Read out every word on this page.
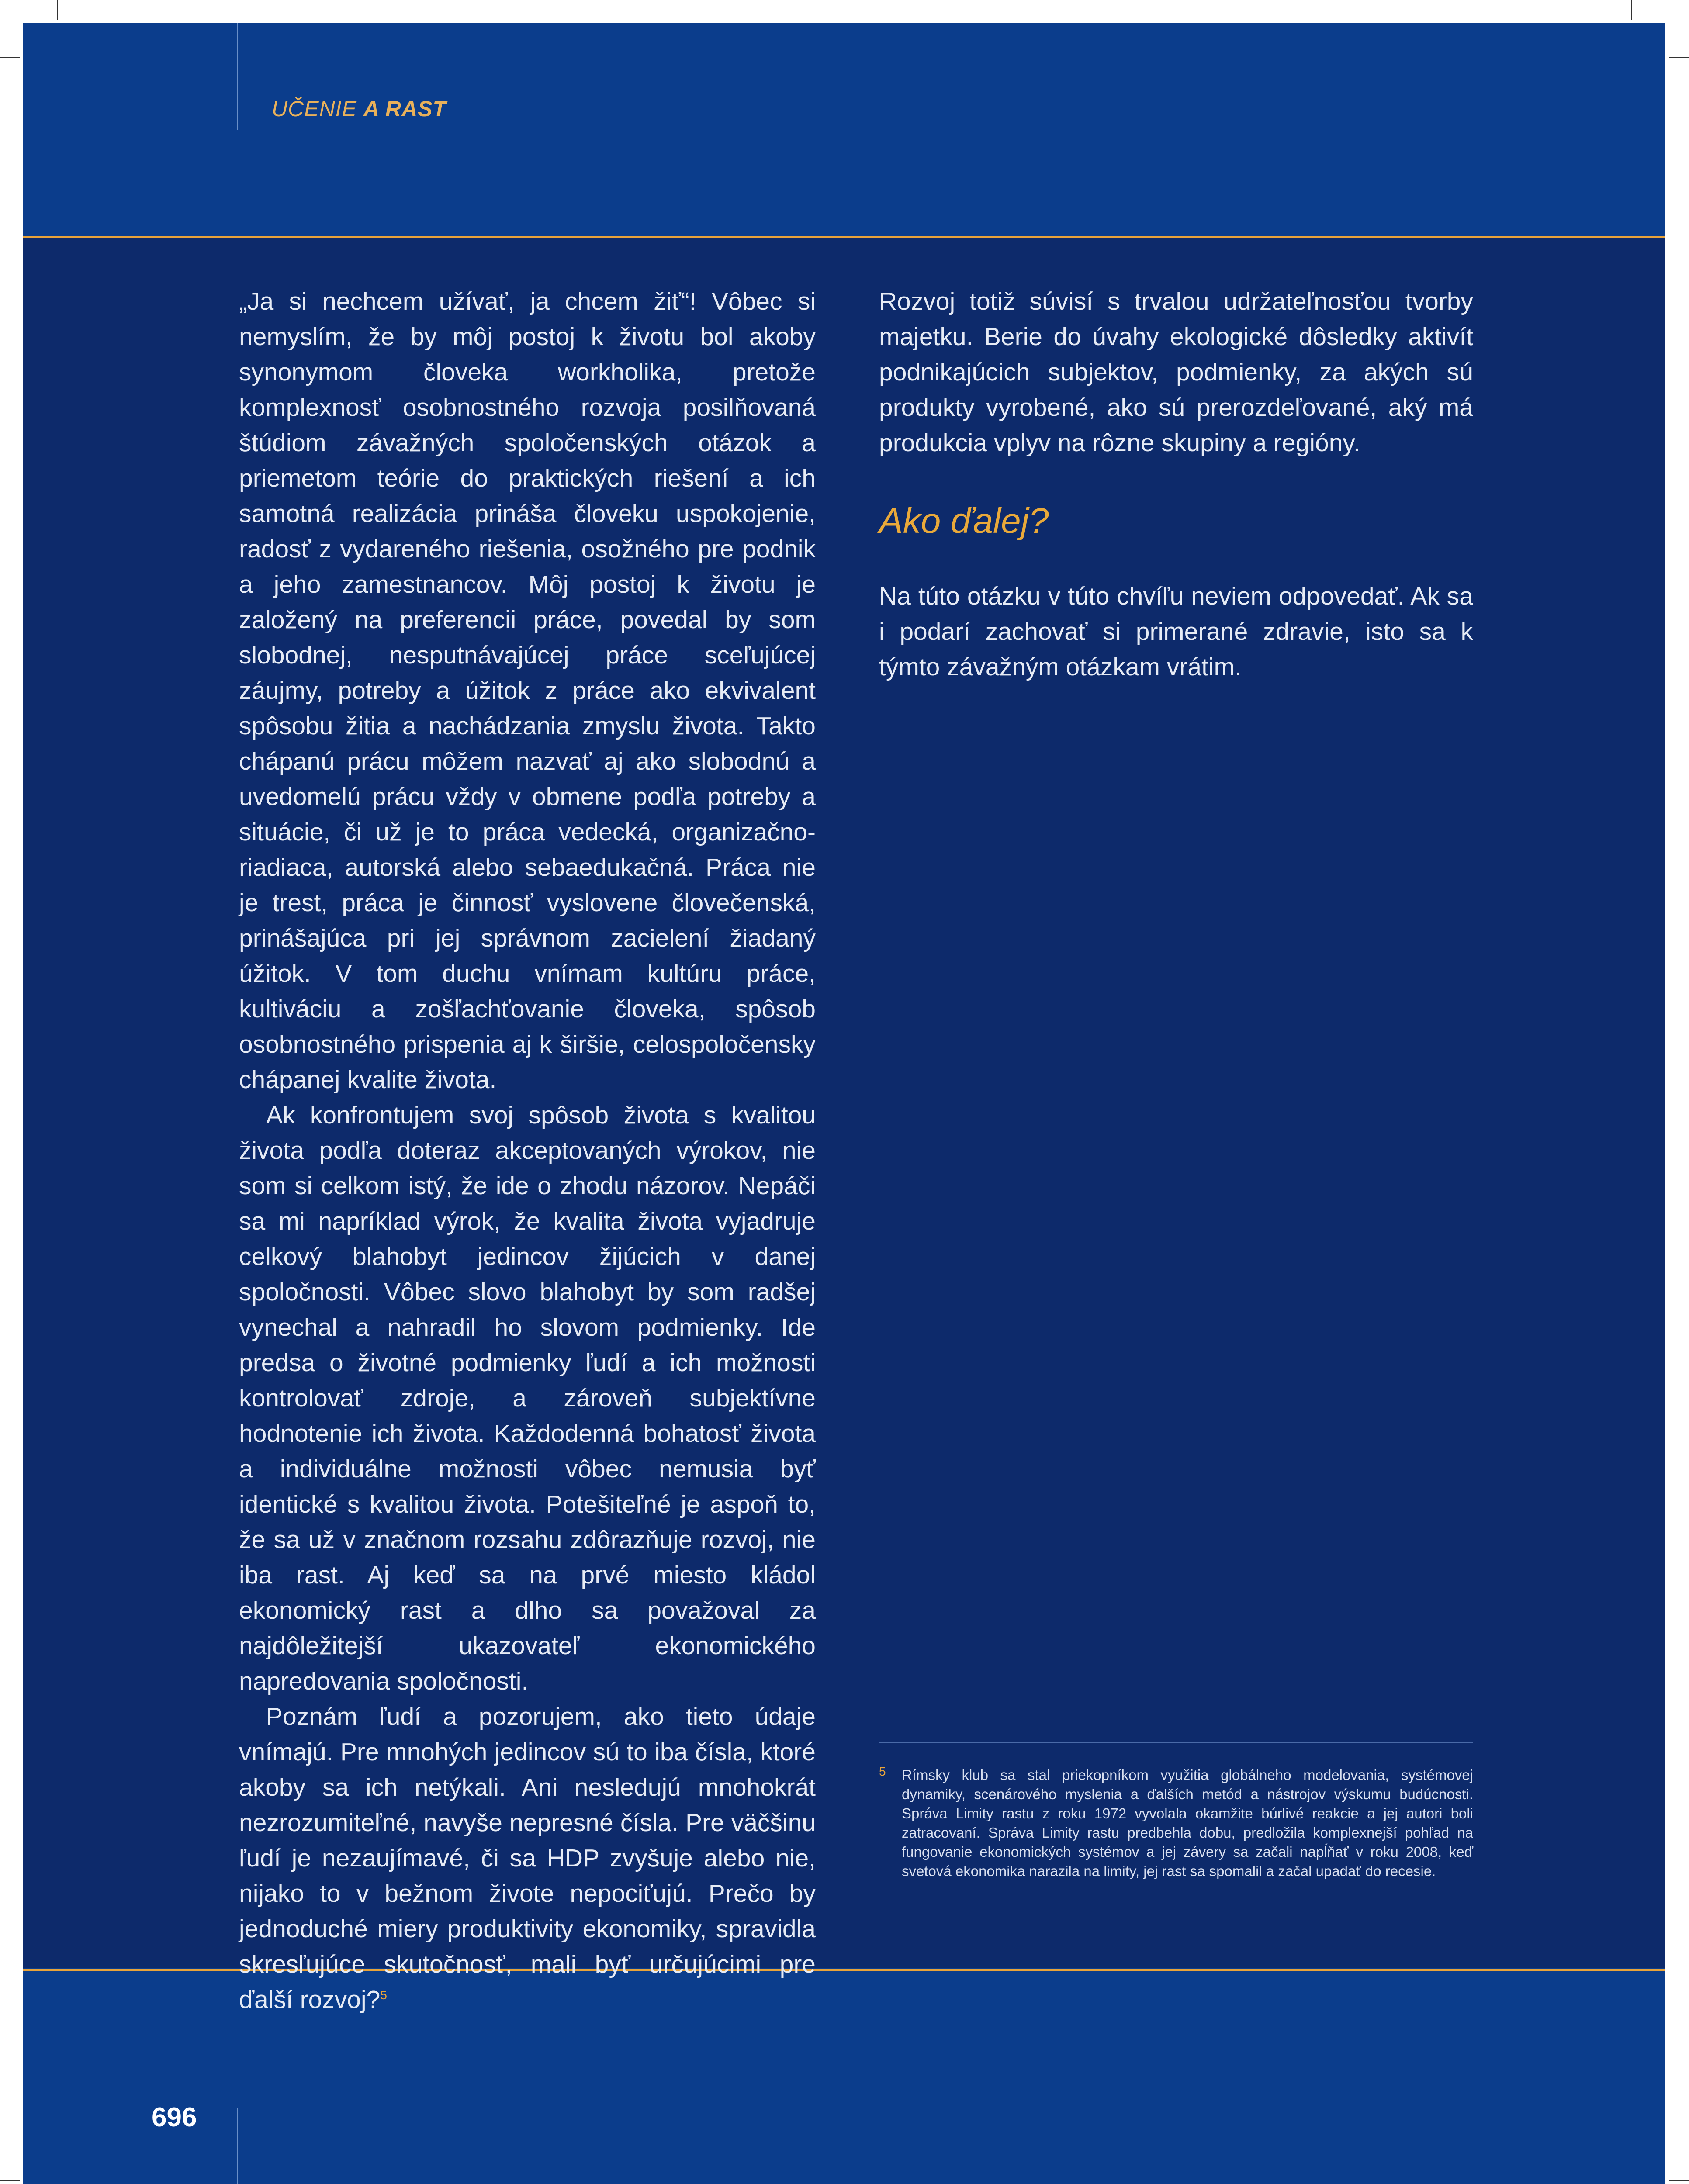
UČENIE A RAST
696

„Ja si nechcem užívať, ja chcem žiť“! Vôbec si nemyslím, že by môj postoj k životu bol akoby synonymom človeka workholika, pretože komplexnosť osobnostného rozvoja posilňovaná štúdiom závažných spoločenských otázok a priemetom teórie do praktických riešení a ich samotná realizácia prináša človeku uspokojenie, radosť z vydareného riešenia, osožného pre podnik a jeho zamestnancov. Môj postoj k životu je založený na preferencii práce, povedal by som slobodnej, nesputnávajúcej práce sceľujúcej záujmy, potreby a úžitok z práce ako ekvivalent spôsobu žitia a nachádzania zmyslu života. Takto chápanú prácu môžem nazvať aj ako slobodnú a uvedomelú prácu vždy v obmene podľa potreby a situácie, či už je to práca vedecká, organizačno-riadiaca, autorská alebo sebaedukačná. Práca nie je trest, práca je činnosť vyslovene človečenská, prinášajúca pri jej správnom zacielení žiadaný úžitok. V tom duchu vnímam kultúru práce, kultiváciu a zošľachťovanie človeka, spôsob osobnostného prispenia aj k širšie, celospoločensky chápanej kvalite života.

Ak konfrontujem svoj spôsob života s kvalitou života podľa doteraz akceptovaných výrokov, nie som si celkom istý, že ide o zhodu názorov. Nepáči sa mi napríklad výrok, že kvalita života vyjadruje celkový blahobyt jedincov žijúcich v danej spoločnosti. Vôbec slovo blahobyt by som radšej vynechal a nahradil ho slovom podmienky. Ide predsa o životné podmienky ľudí a ich možnosti kontrolovať zdroje, a zároveň subjektívne hodnotenie ich života. Každodenná bohatosť života a individuálne možnosti vôbec nemusia byť identické s kvalitou života. Potešiteľné je aspoň to, že sa už v značnom rozsahu zdôrazňuje rozvoj, nie iba rast. Aj keď sa na prvé miesto kládol ekonomický rast a dlho sa považoval za najdôležitejší ukazovateľ ekonomického napredovania spoločnosti.

Poznám ľudí a pozorujem, ako tieto údaje vnímajú. Pre mnohých jedincov sú to iba čísla, ktoré akoby sa ich netýkali. Ani nesledujú mnohokrát nezrozumiteľné, navyše nepresné čísla. Pre väčšinu ľudí je nezaujímavé, či sa HDP zvyšuje alebo nie, nijako to v bežnom živote nepociťujú. Prečo by jednoduché miery produktivity ekonomiky, spravidla skresľujúce skutočnosť, mali byť určujúcimi pre ďalší rozvoj?$^5$

Rozvoj totiž súvisí s trvalou udržateľnosťou tvorby majetku. Berie do úvahy ekologické dôsledky aktivít podnikajúcich subjektov, podmienky, za akých sú produkty vyrobené, ako sú prerozdeľované, aký má produkcia vplyv na rôzne skupiny a regióny.

Ako ďalej?

Na túto otázku v túto chvíľu neviem odpovedať. Ak sa i podarí zachovať si primerané zdravie, isto sa k týmto závažným otázkam vrátim.

5 Rímsky klub sa stal priekopníkom využitia globálneho modelovania, systémovej dynamiky, scenárového myslenia a ďalších metód a nástrojov výskumu budúcnosti. Správa Limity rastu z roku 1972 vyvolala okamžite búrlivé reakcie a jej autori boli zatracovaní. Správa Limity rastu predbehla dobu, predložila komplexnejší pohľad na fungovanie ekonomických systémov a jej závery sa začali napĺňať v roku 2008, keď svetová ekonomika narazila na limity, jej rast sa spomalil a začal upadať do recesie.
